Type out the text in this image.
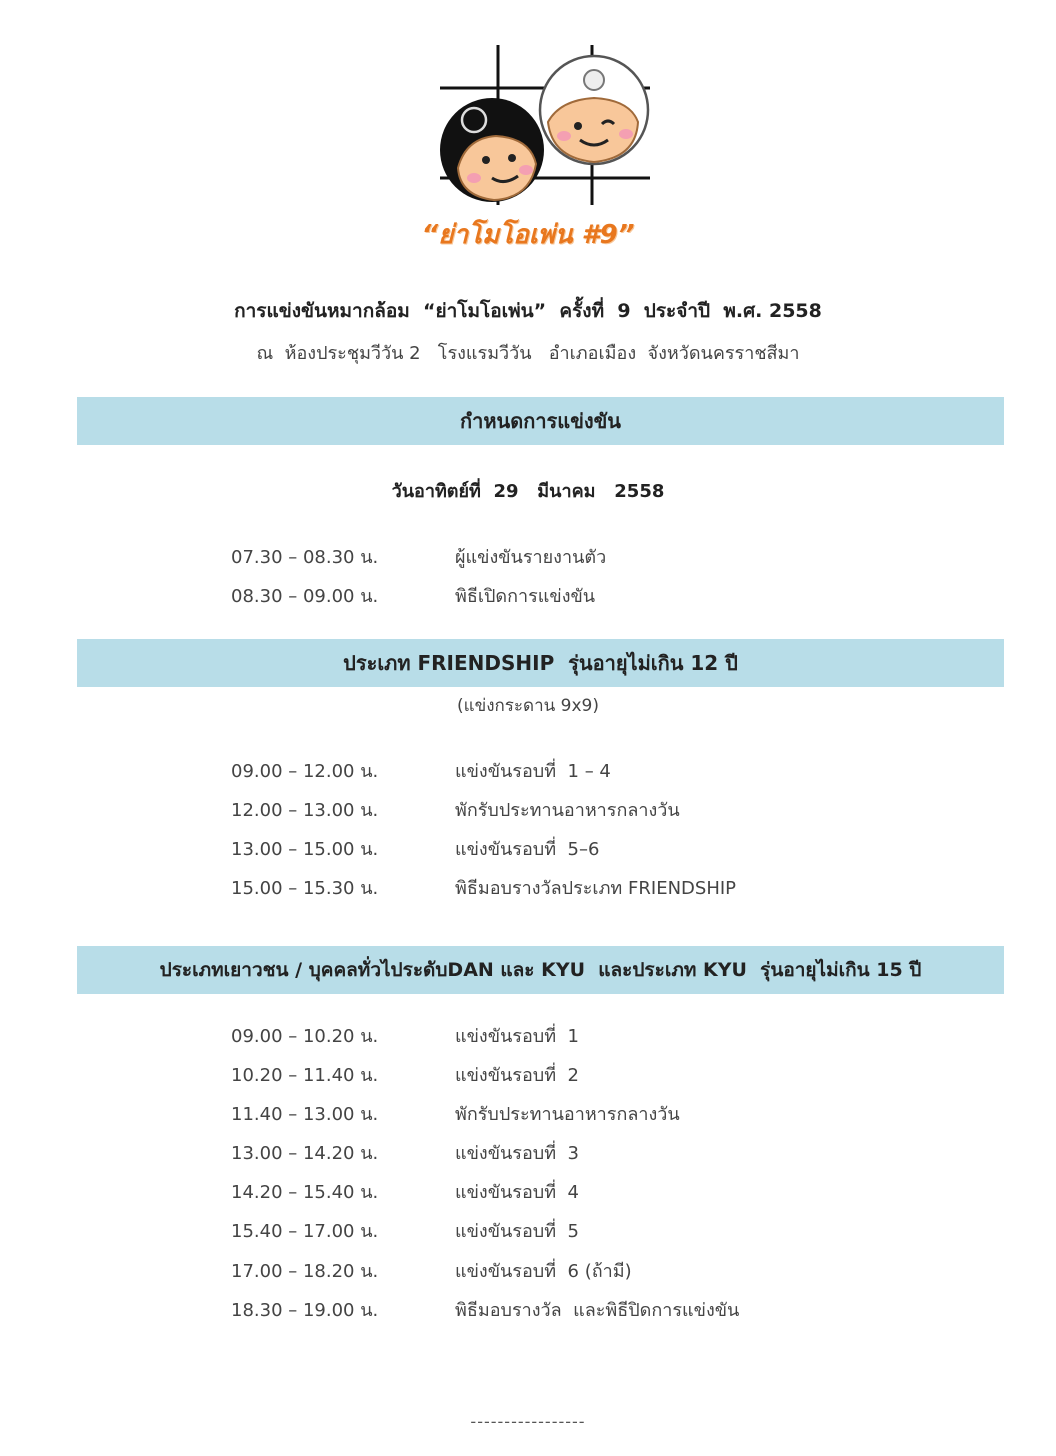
“ย่าโมโอเพ่น #9”
การแข่งขันหมากล้อม  “ย่าโมโอเพ่น”  ครั้งที่  9  ประจำปี  พ.ศ. 2558
ณ  ห้องประชุมวีวัน 2   โรงแรมวีวัน   อำเภอเมือง  จังหวัดนครราชสีมา
กำหนดการแข่งขัน
วันอาทิตย์ที่  29   มีนาคม   2558
07.30 – 08.30 น.	ผู้แข่งขันรายงานตัว
08.30 – 09.00 น.	พิธีเปิดการแข่งขัน
ประเภท FRIENDSHIP  รุ่นอายุไม่เกิน 12 ปี
(แข่งกระดาน 9x9)
09.00 – 12.00 น.	แข่งขันรอบที่  1 – 4
12.00 – 13.00 น.	พักรับประทานอาหารกลางวัน
13.00 – 15.00 น.	แข่งขันรอบที่  5–6
15.00 – 15.30 น.	พิธีมอบรางวัลประเภท FRIENDSHIP
ประเภทเยาวชน / บุคคลทั่วไประดับDAN และ KYU  และประเภท KYU  รุ่นอายุไม่เกิน 15 ปี
09.00 – 10.20 น.	แข่งขันรอบที่  1
10.20 – 11.40 น.	แข่งขันรอบที่  2
11.40 – 13.00 น.	พักรับประทานอาหารกลางวัน
13.00 – 14.20 น.	แข่งขันรอบที่  3
14.20 – 15.40 น.	แข่งขันรอบที่  4
15.40 – 17.00 น.	แข่งขันรอบที่  5
17.00 – 18.20 น.	แข่งขันรอบที่  6 (ถ้ามี)
18.30 – 19.00 น.	พิธีมอบรางวัล  และพิธีปิดการแข่งขัน
-----------------
